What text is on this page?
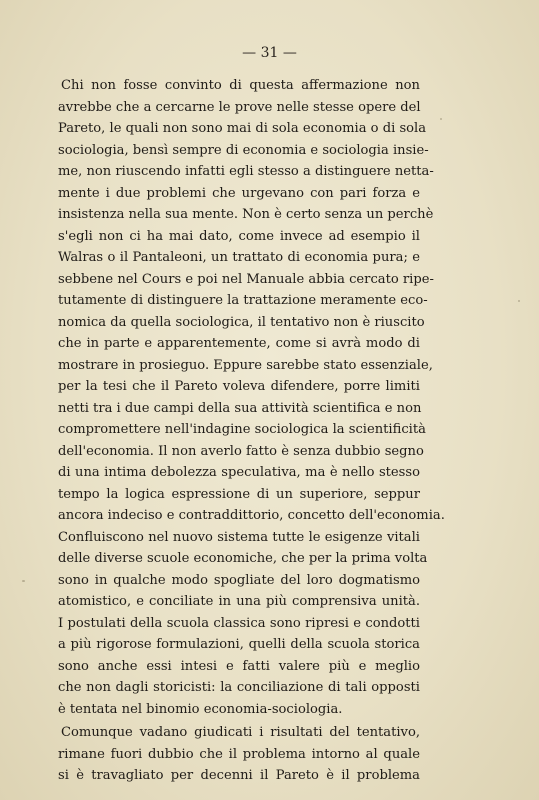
— 31 —
Chi non fosse convinto di questa affermazione non
avrebbe che a cercarne le prove nelle stesse opere del
Pareto, le quali non sono mai di sola economia o di sola
sociologia, bensì sempre di economia e sociologia insie-
me, non riuscendo infatti egli stesso a distinguere netta-
mente i due problemi che urgevano con pari forza e
insistenza nella sua mente. Non è certo senza un perchè
s'egli non ci ha mai dato, come invece ad esempio il
Walras o il Pantaleoni, un trattato di economia pura; e
sebbene nel Cours e poi nel Manuale abbia cercato ripe-
tutamente di distinguere la trattazione meramente eco-
nomica da quella sociologica, il tentativo non è riuscito
che in parte e apparentemente, come si avrà modo di
mostrare in prosieguo. Eppure sarebbe stato essenziale,
per la tesi che il Pareto voleva difendere, porre limiti
netti tra i due campi della sua attività scientifica e non
compromettere nell'indagine sociologica la scientificità
dell'economia. Il non averlo fatto è senza dubbio segno
di una intima debolezza speculativa, ma è nello stesso
tempo la logica espressione di un superiore, seppur
ancora indeciso e contraddittorio, concetto dell'economia.
Confluiscono nel nuovo sistema tutte le esigenze vitali
delle diverse scuole economiche, che per la prima volta
sono in qualche modo spogliate del loro dogmatismo
atomistico, e conciliate in una più comprensiva unità.
I postulati della scuola classica sono ripresi e condotti
a più rigorose formulazioni, quelli della scuola storica
sono anche essi intesi e fatti valere più e meglio
che non dagli storicisti: la conciliazione di tali opposti
è tentata nel binomio economia-sociologia.
Comunque vadano giudicati i risultati del tentativo,
rimane fuori dubbio che il problema intorno al quale
si è travagliato per decenni il Pareto è il problema
